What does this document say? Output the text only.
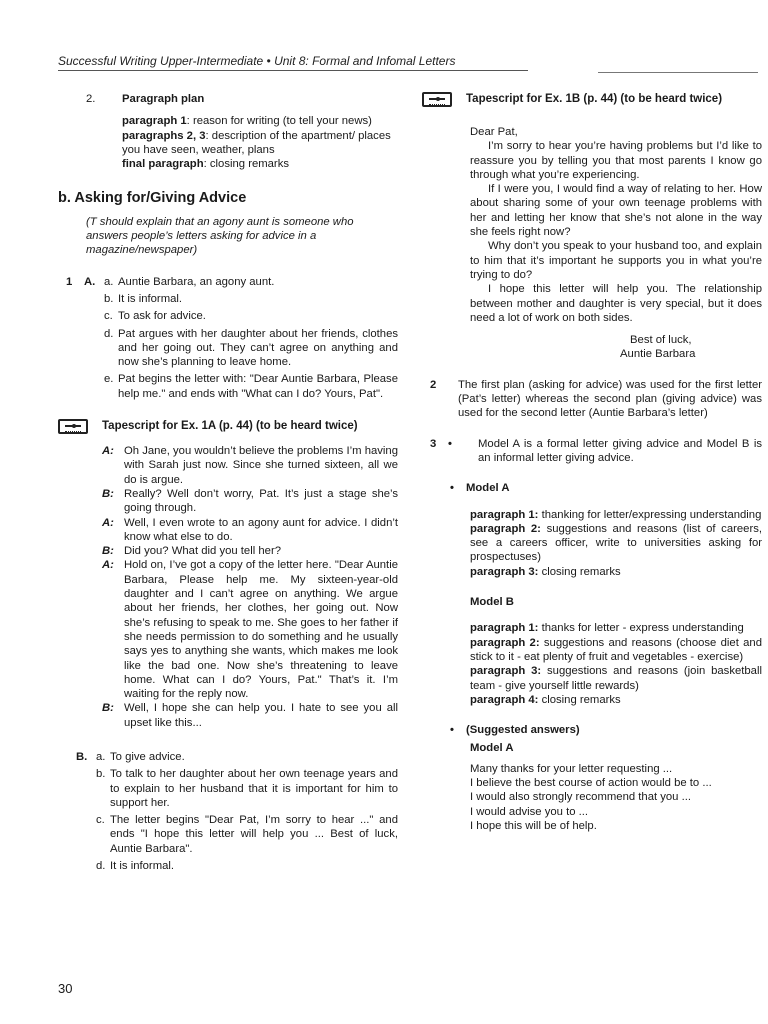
Successful Writing Upper-Intermediate • Unit 8: Formal and Infomal Letters
2.	Paragraph plan
paragraph 1: reason for writing (to tell your news)
paragraphs 2, 3: description of the apartment/ places you have seen, weather, plans
final paragraph: closing remarks
b. Asking for/Giving Advice
(T should explain that an agony aunt is someone who answers people’s letters asking for advice in a magazine/newspaper)
1	A. a. Auntie Barbara, an agony aunt.
b. It is informal.
c. To ask for advice.
d. Pat argues with her daughter about her friends, clothes and her going out. They can’t agree on anything and now she’s planning to leave home.
e. Pat begins the letter with: "Dear Auntie Barbara, Please help me." and ends with "What can I do? Yours, Pat".
Tapescript for Ex. 1A (p. 44) (to be heard twice)
A: Oh Jane, you wouldn’t believe the problems I’m having with Sarah just now. Since she turned sixteen, all we do is argue.
B: Really? Well don’t worry, Pat. It’s just a stage she’s going through.
A: Well, I even wrote to an agony aunt for advice. I didn’t know what else to do.
B: Did you? What did you tell her?
A: Hold on, I’ve got a copy of the letter here. "Dear Auntie Barbara, Please help me. My sixteen-year-old daughter and I can’t agree on anything. We argue about her friends, her clothes, her going out. Now she’s refusing to speak to me. She goes to her father if she needs permission to do something and he usually says yes to anything she wants, which makes me look like the bad one. Now she’s threatening to leave home. What can I do? Yours, Pat." That’s it. I’m waiting for the reply now.
B: Well, I hope she can help you. I hate to see you all upset like this...
B. a. To give advice.
b. To talk to her daughter about her own teenage years and to explain to her husband that it is important for him to support her.
c. The letter begins "Dear Pat, I’m sorry to hear ..." and ends "I hope this letter will help you ... Best of luck, Auntie Barbara".
d. It is informal.
Tapescript for Ex. 1B (p. 44) (to be heard twice)
Dear Pat,
I’m sorry to hear you’re having problems but I’d like to reassure you by telling you that most parents I know go through what you’re experiencing.
If I were you, I would find a way of relating to her. How about sharing some of your own teenage problems with her and letting her know that she’s not alone in the way she feels right now?
Why don’t you speak to your husband too, and explain to him that it’s important he supports you in what you’re trying to do?
I hope this letter will help you. The relationship between mother and daughter is very special, but it does need a lot of work on both sides.
Best of luck,
Auntie Barbara
2	The first plan (asking for advice) was used for the first letter (Pat’s letter) whereas the second plan (giving advice) was used for the second letter (Auntie Barbara’s letter)
3	•	Model A is a formal letter giving advice and Model B is an informal letter giving advice.
•	Model A
paragraph 1: thanking for letter/expressing understanding
paragraph 2: suggestions and reasons (list of careers, see a careers officer, write to universities asking for prospectuses)
paragraph 3: closing remarks
Model B
paragraph 1: thanks for letter - express understanding
paragraph 2: suggestions and reasons (choose diet and stick to it - eat plenty of fruit and vegetables - exercise)
paragraph 3: suggestions and reasons (join basketball team - give yourself little rewards)
paragraph 4: closing remarks
•	(Suggested answers)
Model A
Many thanks for your letter requesting ...
I believe the best course of action would be to ...
I would also strongly recommend that you ...
I would advise you to ...
I hope this will be of help.
30
